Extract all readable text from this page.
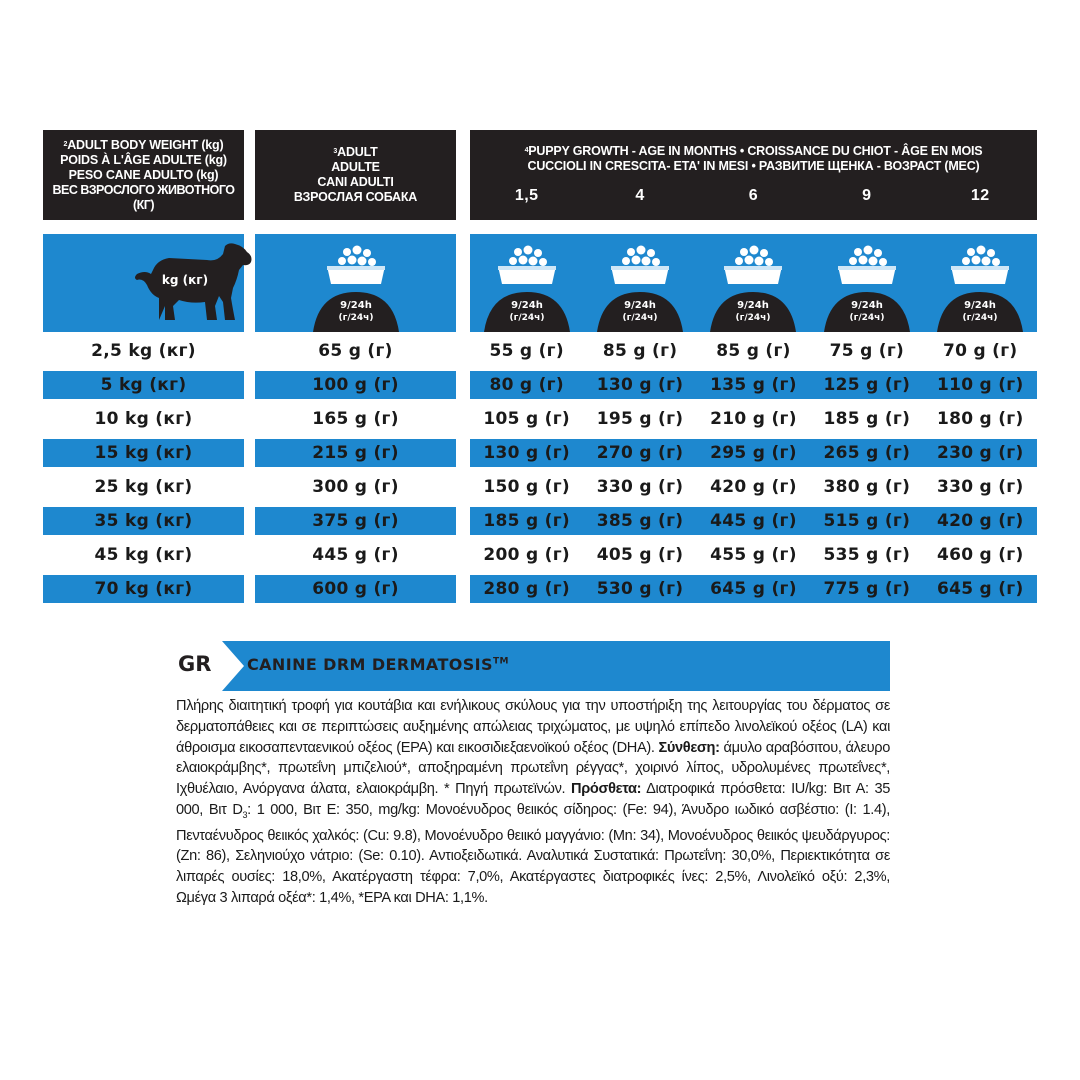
$^2$ADULT BODY WEIGHT (kg)
POIDS À L'ÂGE ADULTE (kg)
PESO CANE ADULTO (kg)
ВЕС ВЗРОСЛОГО ЖИВОТНОГО (КГ)
$^3$ADULT
ADULTE
CANI ADULTI
ВЗРОСЛАЯ СОБАКА
$^4$PUPPY GROWTH - AGE IN MONTHS • CROISSANCE DU CHIOT - ÂGE EN MOIS
CUCCIOLI IN CRESCITA- ETA' IN MESI • РАЗВИТИЕ ЩЕНКА - ВОЗРАСТ (МЕС)
1,5	4	6	9	12
kg (кг)
9/24h
(г/24ч)
9/24h
(г/24ч)
9/24h
(г/24ч)
9/24h
(г/24ч)
9/24h
(г/24ч)
9/24h
(г/24ч)
2,5 kg (кг)	65 g (г)	55 g (г)	85 g (г)	85 g (г)	75 g (г)	70 g (г)
5 kg (кг)	100 g (г)	80 g (г)	130 g (г)	135 g (г)	125 g (г)	110 g (г)
10 kg (кг)	165 g (г)	105 g (г)	195 g (г)	210 g (г)	185 g (г)	180 g (г)
15 kg (кг)	215 g (г)	130 g (г)	270 g (г)	295 g (г)	265 g (г)	230 g (г)
25 kg (кг)	300 g (г)	150 g (г)	330 g (г)	420 g (г)	380 g (г)	330 g (г)
35 kg (кг)	375 g (г)	185 g (г)	385 g (г)	445 g (г)	515 g (г)	420 g (г)
45 kg (кг)	445 g (г)	200 g (г)	405 g (г)	455 g (г)	535 g (г)	460 g (г)
70 kg (кг)	600 g (г)	280 g (г)	530 g (г)	645 g (г)	775 g (г)	645 g (г)
GR CANINE DRM DERMATOSIS™
Πλήρης διαιτητική τροφή για κουτάβια και ενήλικους σκύλους για την υποστήριξη της λειτουργίας του δέρματος σε δερματοπάθειες και σε περιπτώσεις αυξημένης απώλειας τριχώματος, με υψηλό επίπεδο λινολεϊκού οξέος (LA) και άθροισμα εικοσαπενταενικού οξέος (EPA) και εικοσιδιεξαενοϊκού οξέος (DHA). Σύνθεση: άμυλο αραβόσιτου, άλευρο ελαιοκράμβης*, πρωτεΐνη μπιζελιού*, αποξηραμένη πρωτεΐνη ρέγγας*, χοιρινό λίπος, υδρολυμένες πρωτεΐνες*, Ιχθυέλαιο, Ανόργανα άλατα, ελαιοκράμβη. * Πηγή πρωτεϊνών. Πρόσθετα: Διατροφικά πρόσθετα: IU/kg: Βιτ Α: 35 000, Βιτ $D_3$: 1 000, Βιτ E: 350, mg/kg: Μονοένυδρος θειικός σίδηρος: (Fe: 94), Άνυδρο ιωδικό ασβέστιο: (I: 1.4), Πενταένυδρος θειικός χαλκός: (Cu: 9.8), Μονοένυδρο θειικό μαγγάνιο: (Mn: 34), Μονοένυδρος θειικός ψευδάργυρος: (Zn: 86), Σεληνιούχο νάτριο: (Se: 0.10). Αντιοξειδωτικά. Αναλυτικά Συστατικά: Πρωτεΐνη: 30,0%, Περιεκτικότητα σε λιπαρές ουσίες: 18,0%, Ακατέργαστη τέφρα: 7,0%, Ακατέργαστες διατροφικές ίνες: 2,5%, Λινολεϊκό οξύ: 2,3%, Ωμέγα 3 λιπαρά οξέα*: 1,4%, *EPA και DHA: 1,1%.
